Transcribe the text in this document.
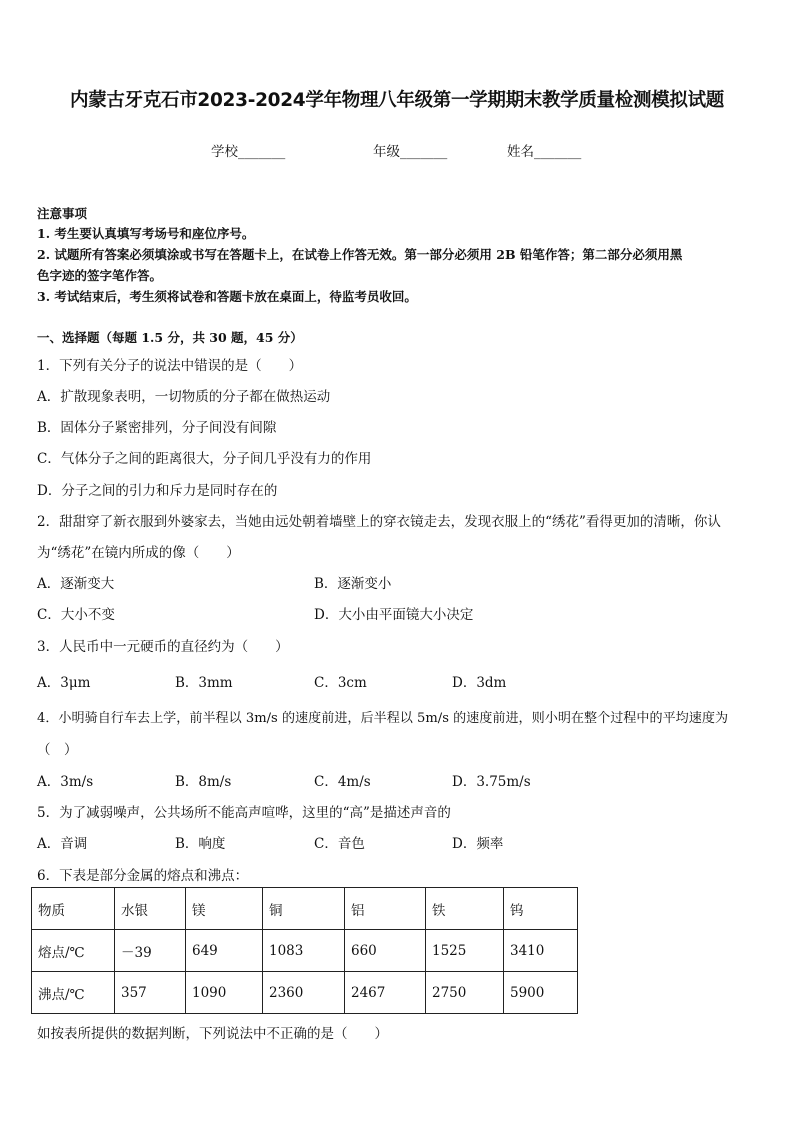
内蒙古牙克石市2023-2024学年物理八年级第一学期期末教学质量检测模拟试题
学校_______	年级_______	姓名_______
注意事项
1. 考生要认真填写考场号和座位序号。
2. 试题所有答案必须填涂或书写在答题卡上，在试卷上作答无效。第一部分必须用 2B 铅笔作答；第二部分必须用黑
色字迹的签字笔作答。
3. 考试结束后，考生须将试卷和答题卡放在桌面上，待监考员收回。
一、选择题（每题 1.5 分，共 30 题，45 分）
1．下列有关分子的说法中错误的是（　　）
A．扩散现象表明，一切物质的分子都在做热运动
B．固体分子紧密排列，分子间没有间隙
C．气体分子之间的距离很大，分子间几乎没有力的作用
D．分子之间的引力和斥力是同时存在的
2．甜甜穿了新衣服到外婆家去，当她由远处朝着墙壁上的穿衣镜走去，发现衣服上的“绣花”看得更加的清晰，你认
为“绣花”在镜内所成的像（　　）
A．逐渐变大	B．逐渐变小
C．大小不变	D．大小由平面镜大小决定
3．人民币中一元硬币的直径约为（　　）
A．3μm	B．3mm	C．3cm	D．3dm
4．小明骑自行车去上学，前半程以 3m/s 的速度前进，后半程以 5m/s 的速度前进，则小明在整个过程中的平均速度为
（　）
A．3m/s	B．8m/s	C．4m/s	D．3.75m/s
5．为了减弱噪声，公共场所不能高声喧哗，这里的“高”是描述声音的
A．音调	B．响度	C．音色	D．频率
6．下表是部分金属的熔点和沸点：
物质	水银	镁	铜	铝	铁	钨
熔点/℃	－39	649	1083	660	1525	3410
沸点/℃	357	1090	2360	2467	2750	5900
如按表所提供的数据判断，下列说法中不正确的是（　　）
